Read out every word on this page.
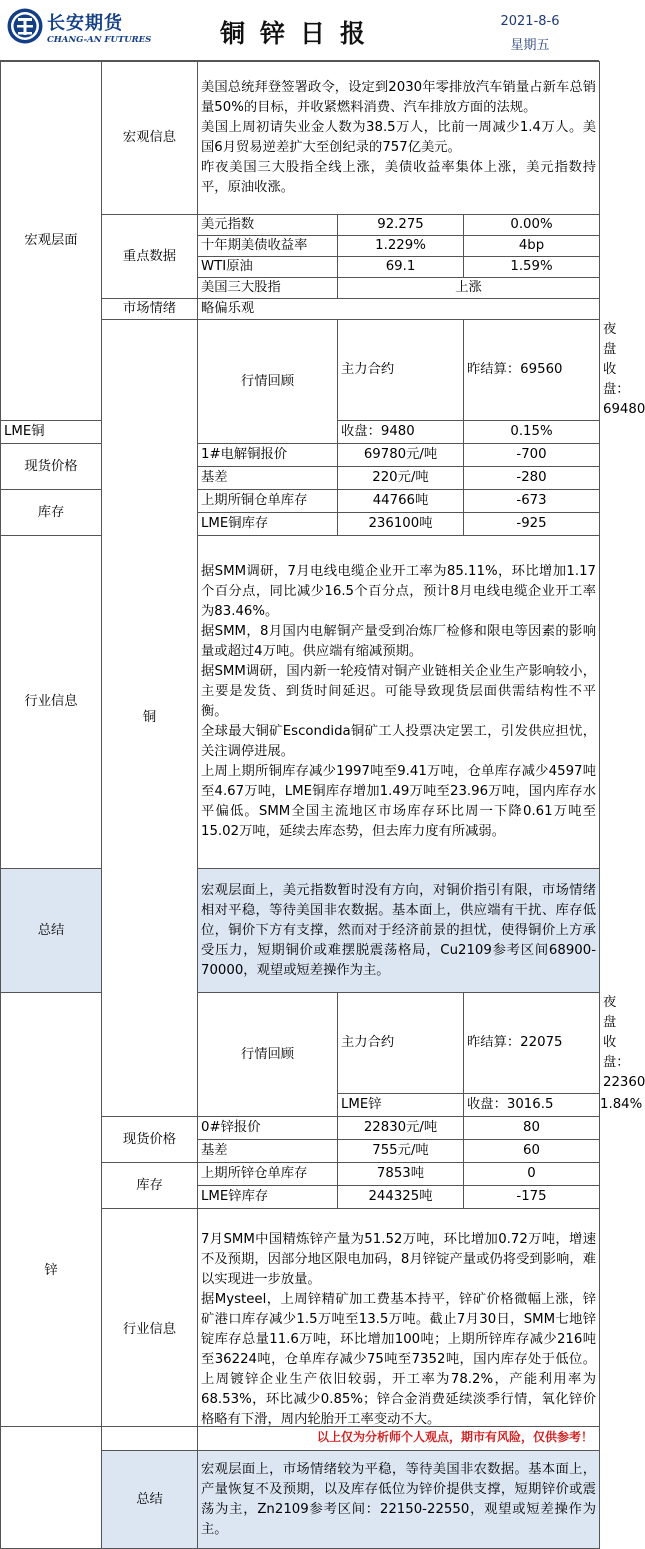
长安期货
CHANG-AN FUTURES	铜锌日报	2021-8-6
星期五
宏观层面	宏观信息	美国总统拜登签署政令，设定到2030年零排放汽车销量占新车总销量50%的目标，并收紧燃料消费、汽车排放方面的法规。
美国上周初请失业金人数为38.5万人，比前一周减少1.4万人。美国6月贸易逆差扩大至创纪录的757亿美元。
昨夜美国三大股指全线上涨，美债收益率集体上涨，美元指数持平，原油收涨。			
	重点数据	美元指数	92.275	0.00%	
		十年期美债收益率	1.229%	4bp	
		WTI原油	69.1	1.59%	
		美国三大股指	上涨		
	市场情绪	略偏乐观			
	铜	行情回顾	主力合约	昨结算：69560	夜盘收盘：69480
LME铜			收盘：9480	0.15%	
现货价格		1#电解铜报价	69780元/吨	-700	
		基差	220元/吨	-280	
库存		上期所铜仓单库存	44766吨	-673	
		LME铜库存	236100吨	-925	
行业信息		据SMM调研，7月电线电缆企业开工率为85.11%，环比增加1.17个百分点，同比减少16.5个百分点，预计8月电线电缆企业开工率为83.46%。
据SMM，8月国内电解铜产量受到冶炼厂检修和限电等因素的影响量或超过4万吨。供应端有缩减预期。
据SMM调研，国内新一轮疫情对铜产业链相关企业生产影响较小，主要是发货、到货时间延迟。可能导致现货层面供需结构性不平衡。
全球最大铜矿Escondida铜矿工人投票决定罢工，引发供应担忧，关注调停进展。
上周上期所铜库存减少1997吨至9.41万吨，仓单库存减少4597吨至4.67万吨，LME铜库存增加1.49万吨至23.96万吨，国内库存水平偏低。SMM全国主流地区市场库存环比周一下降0.61万吨至15.02万吨，延续去库态势，但去库力度有所减弱。			
总结		宏观层面上，美元指数暂时没有方向，对铜价指引有限，市场情绪相对平稳，等待美国非农数据。基本面上，供应端有干扰、库存低位，铜价下方有支撑，然而对于经济前景的担忧，使得铜价上方承受压力，短期铜价或难摆脱震荡格局，Cu2109参考区间68900-70000，观望或短差操作为主。			
锌		行情回顾	主力合约	昨结算：22075	夜盘收盘：22360
			LME锌	收盘：3016.5	1.84%
	现货价格	0#锌报价	22830元/吨	80	
		基差	755元/吨	60	
	库存	上期所锌仓单库存	7853吨	0	
		LME锌库存	244325吨	-175	
	行业信息	7月SMM中国精炼锌产量为51.52万吨，环比增加0.72万吨，增速不及预期，因部分地区限电加码，8月锌锭产量或仍将受到影响，难以实现进一步放量。
据Mysteel，上周锌精矿加工费基本持平，锌矿价格微幅上涨，锌矿港口库存减少1.5万吨至13.5万吨。截止7月30日，SMM七地锌锭库存总量11.6万吨，环比增加100吨；上期所锌库存减少216吨至36224吨，仓单库存减少75吨至7352吨，国内库存处于低位。上周镀锌企业生产依旧较弱，开工率为78.2%，产能利用率为68.53%，环比减少0.85%；锌合金消费延续淡季行情，氧化锌价格略有下滑，周内轮胎开工率变动不大。			
	总结	宏观层面上，市场情绪较为平稳，等待美国非农数据。基本面上，产量恢复不及预期，以及库存低位为锌价提供支撑，短期锌价或震荡为主，Zn2109参考区间：22150-22550，观望或短差操作为主。			
以上仅为分析师个人观点，期市有风险，仅供参考！
